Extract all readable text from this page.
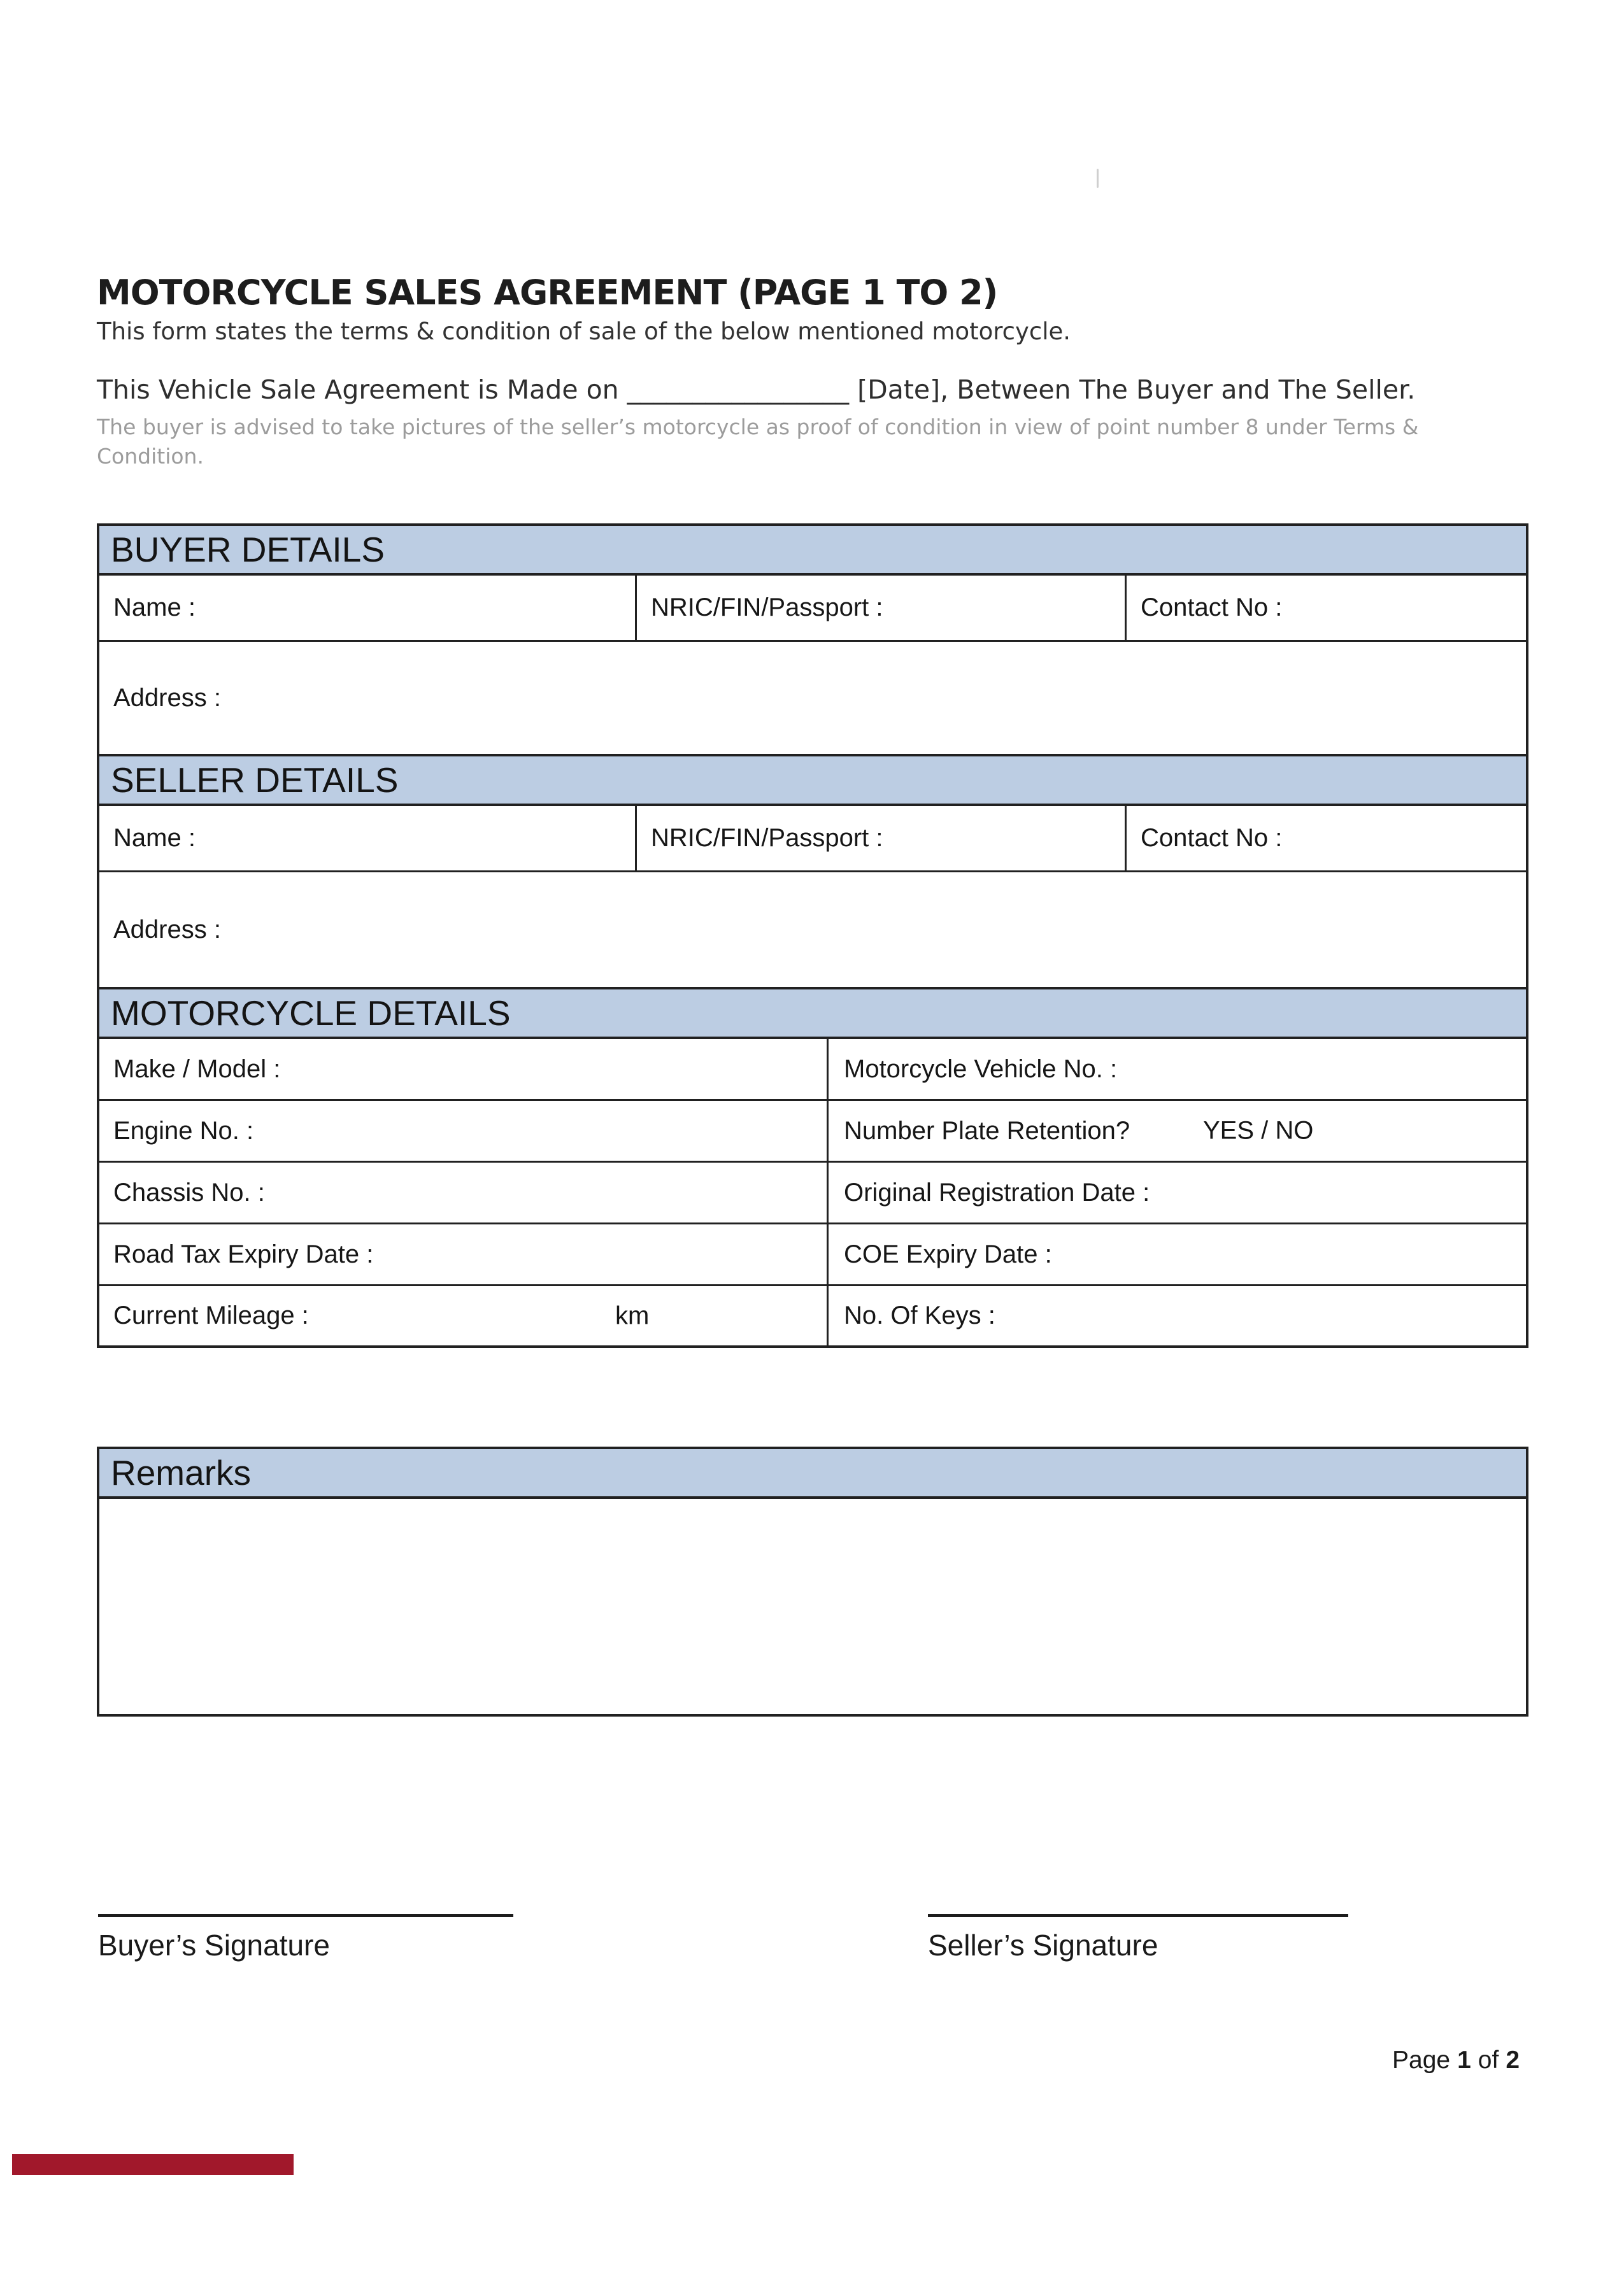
MOTORCYCLE SALES AGREEMENT (PAGE 1 TO 2)
This form states the terms & condition of sale of the below mentioned motorcycle.
This Vehicle Sale Agreement is Made on _________________ [Date], Between The Buyer and The Seller.
The buyer is advised to take pictures of the seller’s motorcycle as proof of condition in view of point number 8 under Terms & Condition.
BUYER DETAILS
Name :	NRIC/FIN/Passport :	Contact No :
Address :
SELLER DETAILS
Name :	NRIC/FIN/Passport :	Contact No :
Address :
MOTORCYCLE DETAILS
Make / Model :	Motorcycle Vehicle No. :
Engine No. :	Number Plate Retention?	YES / NO
Chassis No. :	Original Registration Date :
Road Tax Expiry Date :	COE Expiry Date :
Current Mileage :	km	No. Of Keys :
Remarks
Buyer’s Signature	Seller’s Signature
Page 1 of 2
